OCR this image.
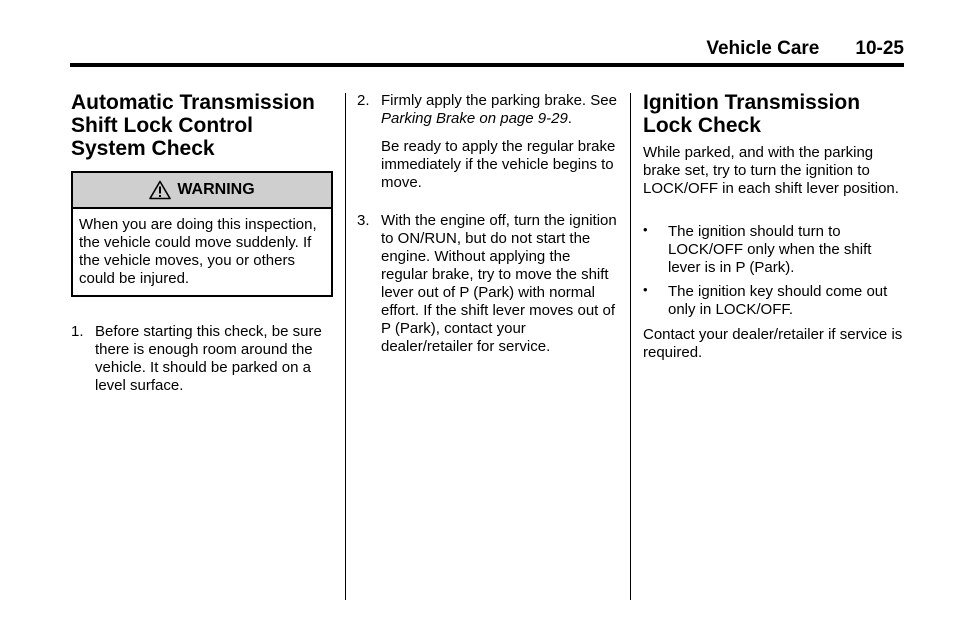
Vehicle Care 10-25
Automatic Transmission Shift Lock Control System Check
WARNING
When you are doing this inspection, the vehicle could move suddenly. If the vehicle moves, you or others could be injured.
1. Before starting this check, be sure there is enough room around the vehicle. It should be parked on a level surface.
2. Firmly apply the parking brake. See Parking Brake on page 9-29.
Be ready to apply the regular brake immediately if the vehicle begins to move.
3. With the engine off, turn the ignition to ON/RUN, but do not start the engine. Without applying the regular brake, try to move the shift lever out of P (Park) with normal effort. If the shift lever moves out of P (Park), contact your dealer/retailer for service.
Ignition Transmission Lock Check
While parked, and with the parking brake set, try to turn the ignition to LOCK/OFF in each shift lever position.
• The ignition should turn to LOCK/OFF only when the shift lever is in P (Park).
• The ignition key should come out only in LOCK/OFF.
Contact your dealer/retailer if service is required.
